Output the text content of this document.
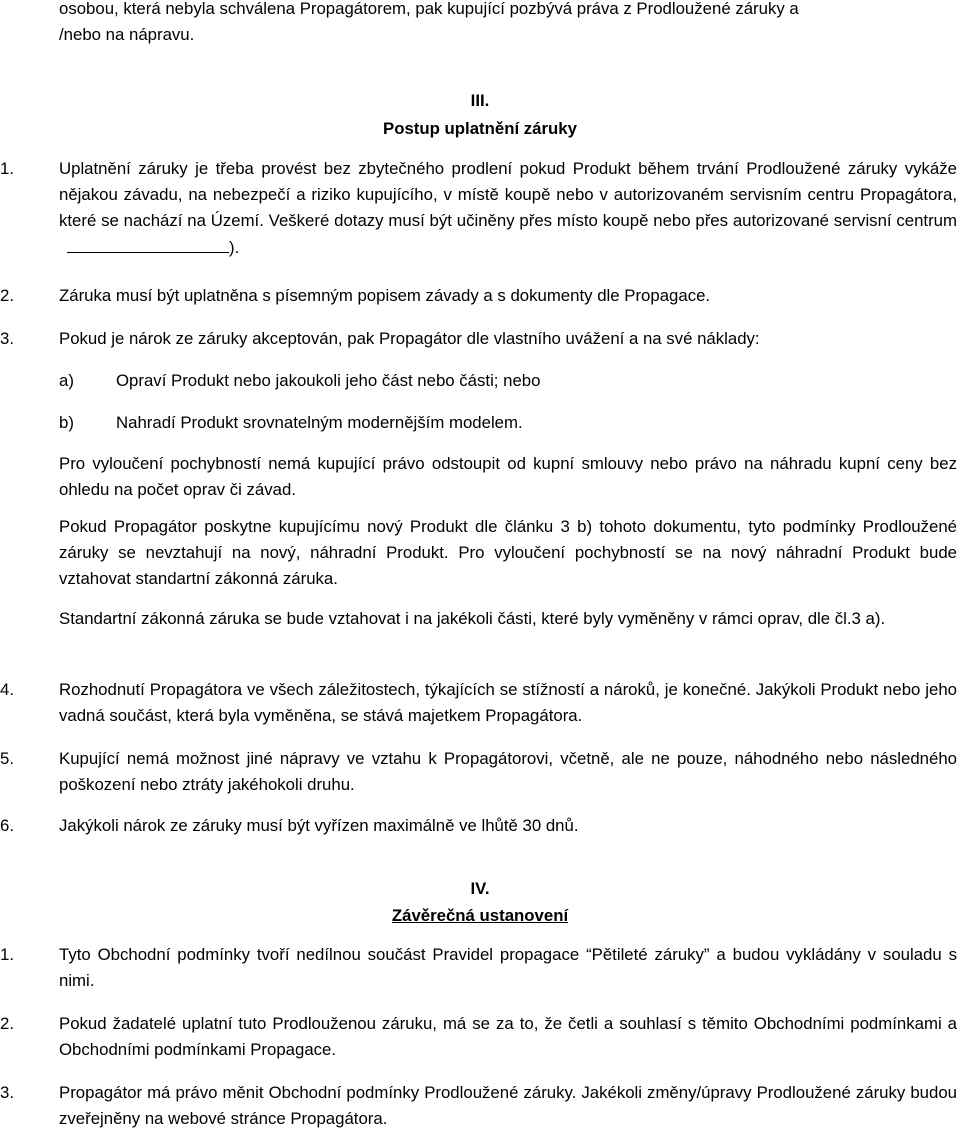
osobou, která nebyla schválena Propagátorem, pak kupující pozbývá práva z Prodloužené záruky a
/nebo na nápravu.
III.
Postup uplatnění záruky
1.	Uplatnění záruky je třeba provést bez zbytečného prodlení pokud Produkt během trvání Prodloužené záruky vykáže nějakou závadu, na nebezpečí a riziko kupujícího, v místě koupě nebo v autorizovaném servisním centru Propagátora, které se nachází na Území. Veškeré dotazy musí být učiněny přes místo koupě nebo přes autorizované servisní centrum).
2.	Záruka musí být uplatněna s písemným popisem závady a s dokumenty dle Propagace.
3.	Pokud je nárok ze záruky akceptován, pak Propagátor dle vlastního uvážení a na své náklady:
a)	Opraví Produkt nebo jakoukoli jeho část nebo části; nebo
b)	Nahradí Produkt srovnatelným modernějším modelem.
Pro vyloučení pochybností nemá kupující právo odstoupit od kupní smlouvy nebo právo na náhradu kupní ceny bez ohledu na počet oprav či závad.
Pokud Propagátor poskytne kupujícímu nový Produkt dle článku 3 b) tohoto dokumentu, tyto podmínky Prodloužené záruky se nevztahují na nový, náhradní Produkt. Pro vyloučení pochybností se na nový náhradní Produkt bude vztahovat standartní zákonná záruka.
Standartní zákonná záruka se bude vztahovat i na jakékoli části, které byly vyměněny v rámci oprav, dle čl.3 a).
4.	Rozhodnutí Propagátora ve všech záležitostech, týkajících se stížností a nároků, je konečné. Jakýkoli Produkt nebo jeho vadná součást, která byla vyměněna, se stává majetkem Propagátora.
5.	Kupující nemá možnost jiné nápravy ve vztahu k Propagátorovi, včetně, ale ne pouze, náhodného nebo následného poškození nebo ztráty jakéhokoli druhu.
6.	Jakýkoli nárok ze záruky musí být vyřízen maximálně ve lhůtě 30 dnů.
IV.
Závěrečná ustanovení
1.	Tyto Obchodní podmínky tvoří nedílnou součást Pravidel propagace “Pětileté záruky” a budou vykládány v souladu s nimi.
2.	Pokud žadatelé uplatní tuto Prodlouženou záruku, má se za to, že četli a souhlasí s těmito Obchodními podmínkami a Obchodními podmínkami Propagace.
3.	Propagátor má právo měnit Obchodní podmínky Prodloužené záruky. Jakékoli změny/úpravy Prodloužené záruky budou zveřejněny na webové stránce Propagátora.
